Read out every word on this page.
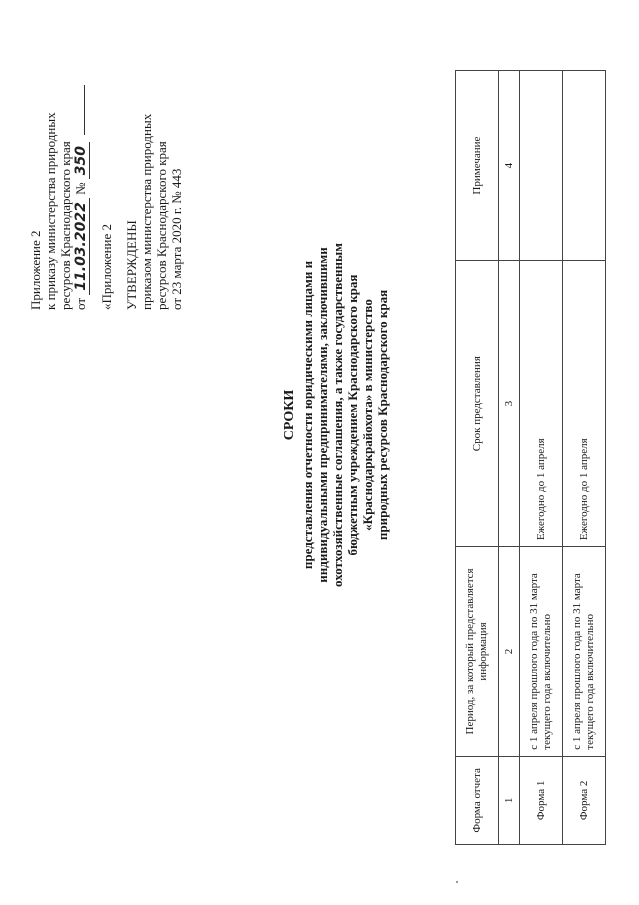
Приложение 2 к приказу министерства природных ресурсов Краснодарского края от 11.03.2022 № 350
«Приложение 2 УТВЕРЖДЕНЫ приказом министерства природных ресурсов Краснодарского края от 23 марта 2020 г. № 443
СРОКИ представления отчетности юридическими лицами и индивидуальными предпринимателями, заключившими охотхозяйственные соглашения, а также государственным бюджетным учреждением Краснодарского края «Краснодаркрайохота» в министерство природных ресурсов Краснодарского края
Форма отчета	Период, за который представляется информация	Срок представления	Примечание
1	2	3	4
Форма 1	с 1 апреля прошлого года по 31 марта текущего года включительно	Ежегодно до 1 апреля	
Форма 2	с 1 апреля прошлого года по 31 марта текущего года включительно	Ежегодно до 1 апреля	
